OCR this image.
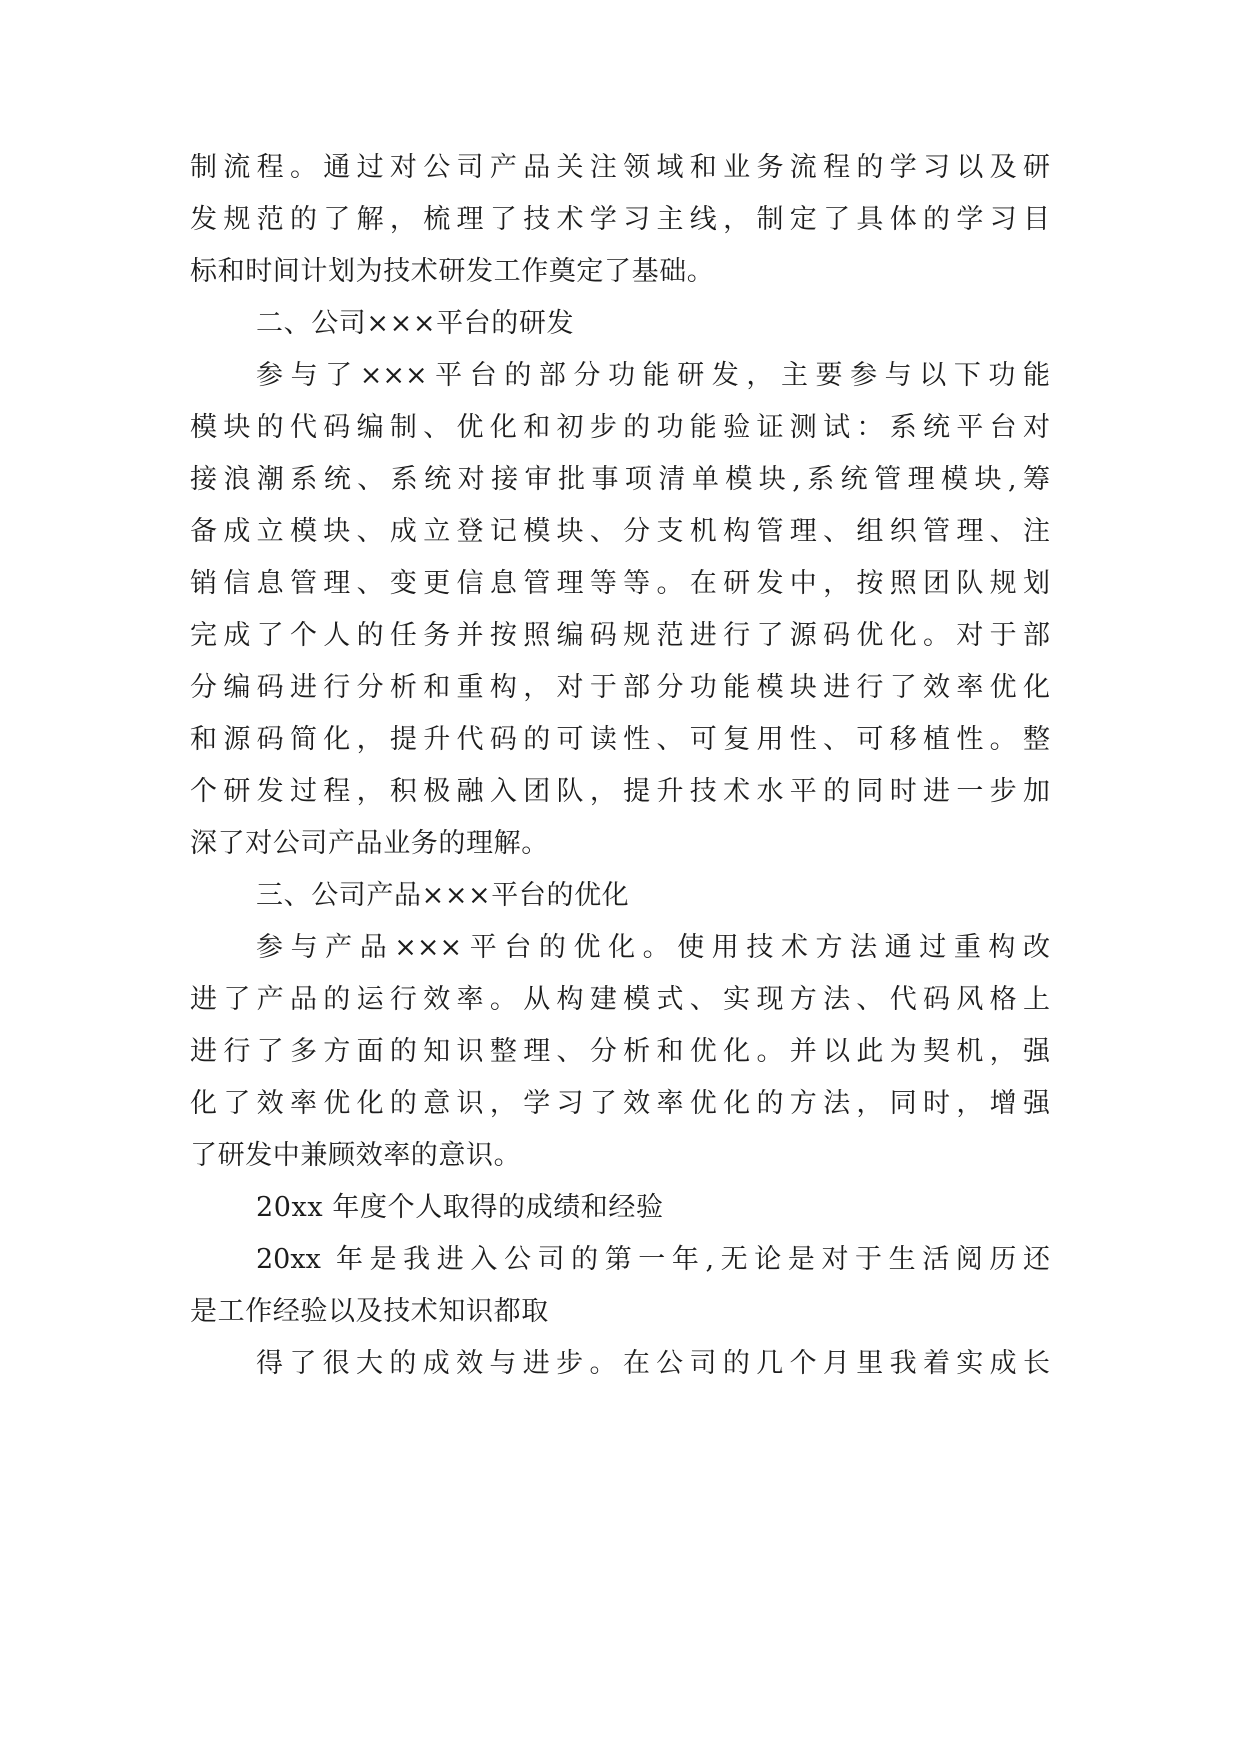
制流程。通过对公司产品关注领域和业务流程的学习以及研
发规范的了解，梳理了技术学习主线，制定了具体的学习目
标和时间计划为技术研发工作奠定了基础。
二、公司×××平台的研发
参与了×××平台的部分功能研发，主要参与以下功能
模块的代码编制、优化和初步的功能验证测试：系统平台对
接浪潮系统、系统对接审批事项清单模块,系统管理模块,筹
备成立模块、成立登记模块、分支机构管理、组织管理、注
销信息管理、变更信息管理等等。在研发中，按照团队规划
完成了个人的任务并按照编码规范进行了源码优化。对于部
分编码进行分析和重构，对于部分功能模块进行了效率优化
和源码简化，提升代码的可读性、可复用性、可移植性。整
个研发过程，积极融入团队，提升技术水平的同时进一步加
深了对公司产品业务的理解。
三、公司产品×××平台的优化
参与产品×××平台的优化。使用技术方法通过重构改
进了产品的运行效率。从构建模式、实现方法、代码风格上
进行了多方面的知识整理、分析和优化。并以此为契机，强
化了效率优化的意识，学习了效率优化的方法，同时，增强
了研发中兼顾效率的意识。
20xx 年度个人取得的成绩和经验
20xx 年是我进入公司的第一年,无论是对于生活阅历还
是工作经验以及技术知识都取
得了很大的成效与进步。在公司的几个月里我着实成长
